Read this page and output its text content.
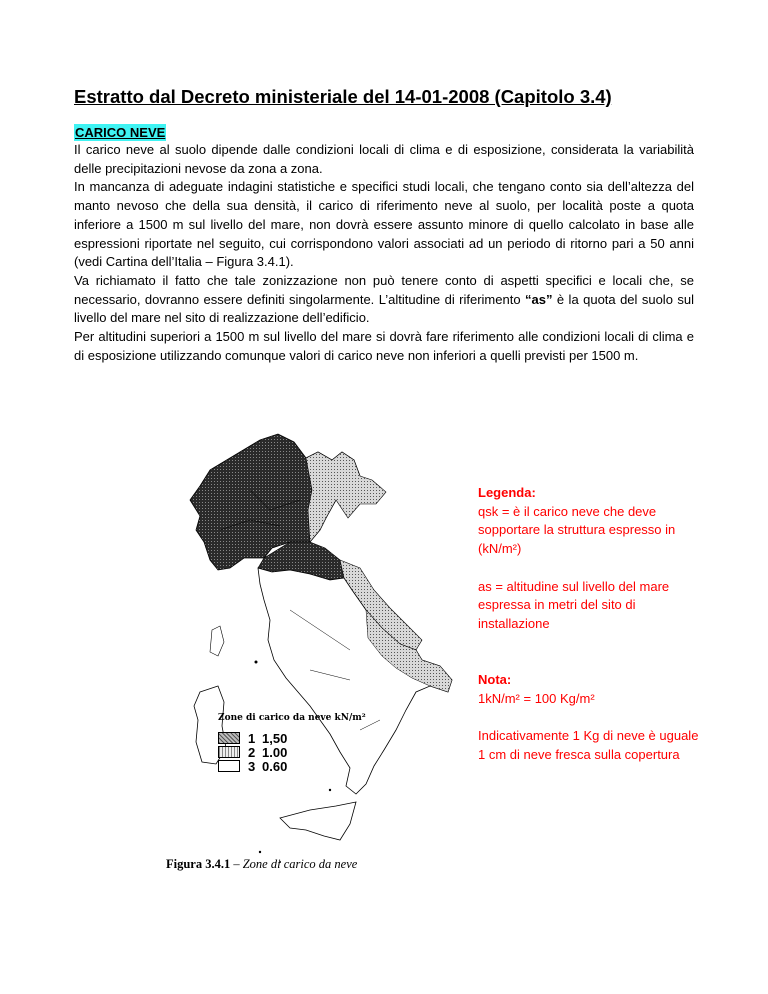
Estratto dal Decreto ministeriale del 14-01-2008 (Capitolo 3.4)
CARICO NEVE

Il carico neve al suolo dipende dalle condizioni locali di clima e di esposizione, considerata la variabilità delle precipitazioni nevose da zona a zona.

In mancanza di adeguate indagini statistiche e specifici studi locali, che tengano conto sia dell’altezza del manto nevoso che della sua densità, il carico di riferimento neve al suolo, per località poste a quota inferiore a 1500 m sul livello del mare, non dovrà essere assunto minore di quello calcolato in base alle espressioni riportate nel seguito, cui corrispondono valori associati ad un periodo di ritorno pari a 50 anni (vedi Cartina dell’Italia – Figura 3.4.1).

Va richiamato il fatto che tale zonizzazione non può tenere conto di aspetti specifici e locali che, se necessario, dovranno essere definiti singolarmente. L’altitudine di riferimento “as” è la quota del suolo sul livello del mare nel sito di realizzazione dell’edificio.

Per altitudini superiori a 1500 m sul livello del mare si dovrà fare riferimento alle condizioni locali di clima e di esposizione utilizzando comunque valori di carico neve non inferiori a quelli previsti per 1500 m.

Zone di carico da neve kN/m²
1 1,50
2 1.00
3 0.60
Figura 3.4.1 – Zone di carico da neve

Legenda:

qsk = è il carico neve che deve sopportare la struttura espresso in (kN/m²)

as = altitudine sul livello del mare espressa in metri del sito di installazione

Nota:

1kN/m² = 100 Kg/m²

Indicativamente 1 Kg di neve è uguale 1 cm di neve fresca sulla copertura
